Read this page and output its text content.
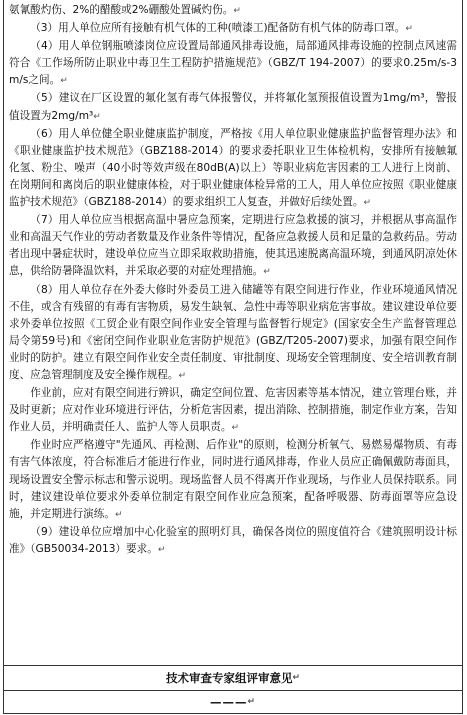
氨氰酸灼伤、2%的醋酸或2%硼酸处置碱灼伤。↵

（3）用人单位应所有接触有机气体的工种(喷漆工)配备防有机气体的防毒口罩。↵

（4）用人单位钢瓶喷漆岗位应设置局部通风排毒设施，局部通风排毒设施的控制点风速需符合《工作场所防止职业中毒卫生工程防护措施规范》（GBZ/T 194-2007）的要求0.25m/s-3m/s之间。↵

（5）建议在厂区设置的氟化氢有毒气体报警仪，并将氟化氢预报值设置为1mg/m³，警报值设置为2mg/m³↵

（6）用人单位健全职业健康监护制度，严格按《用人单位职业健康监护监督管理办法》和《职业健康监护技术规范》（GBZ188-2014）的要求委托职业卫生体检机构，安排所有接触氟化氢、粉尘、噪声（40小时等效声级在80dB(A)以上）等职业病危害因素的工人进行上岗前、在岗期间和离岗后的职业健康体检，对于职业健康体检异常的工人，用人单位应按照《职业健康监护技术规范》（GBZ188-2014）的要求组织工人复查，并做好后续处置。↵

（7）用人单位应当根据高温中暑应急预案，定期进行应急救援的演习，并根据从事高温作业和高温天气作业的劳动者数量及作业条件等情况，配备应急救援人员和足量的急救药品。劳动者出现中暑症状时，建设单位应当立即采取救助措施，使其迅速脱离高温环境，到通风阴凉处休息，供给防暑降温饮料，并采取必要的对症处理措施。↵

（8）用人单位存在外委大修时外委员工进入储罐等有限空间进行作业，作业环境通风情况不佳，或含有残留的有毒有害物质，易发生缺氧、急性中毒等职业病危害事故。建议建设单位要求外委单位按照《工贸企业有限空间作业安全管理与监督暂行规定》(国家安全生产监督管理总局令第59号)和《密闭空间作业职业危害防护规范》(GBZ/T205-2007)要求，加强有限空间作业时的防护。建立有限空间作业安全责任制度、审批制度、现场安全管理制度、安全培训教育制度、应急管理制度及安全操作规程。↵

作业前，应对有限空间进行辨识，确定空间位置、危害因素等基本情况，建立管理台账，并及时更新；应对作业环境进行评估，分析危害因素，提出消除、控制措施，制定作业方案，告知作业人员，并明确责任人、监护人等人员职责。↵

作业时应严格遵守"先通风、再检测、后作业"的原则，检测分析氧气、易燃易爆物质、有毒有害气体浓度，符合标准后才能进行作业，同时进行通风排毒，作业人员应正确佩戴防毒面具，现场设置安全警示标志和警示说明。现场监督人员不得离开作业现场，与作业人员保持联系。同时，建议建设单位要求外委单位制定有限空间作业应急预案，配备呼吸器、防毒面罩等应急设施，并定期进行演练。↵

（9）建设单位应增加中心化验室的照明灯具，确保各岗位的照度值符合《建筑照明设计标准》（GB50034-2013）要求。↵

技术审查专家组评审意见 ↵
——— ↵
